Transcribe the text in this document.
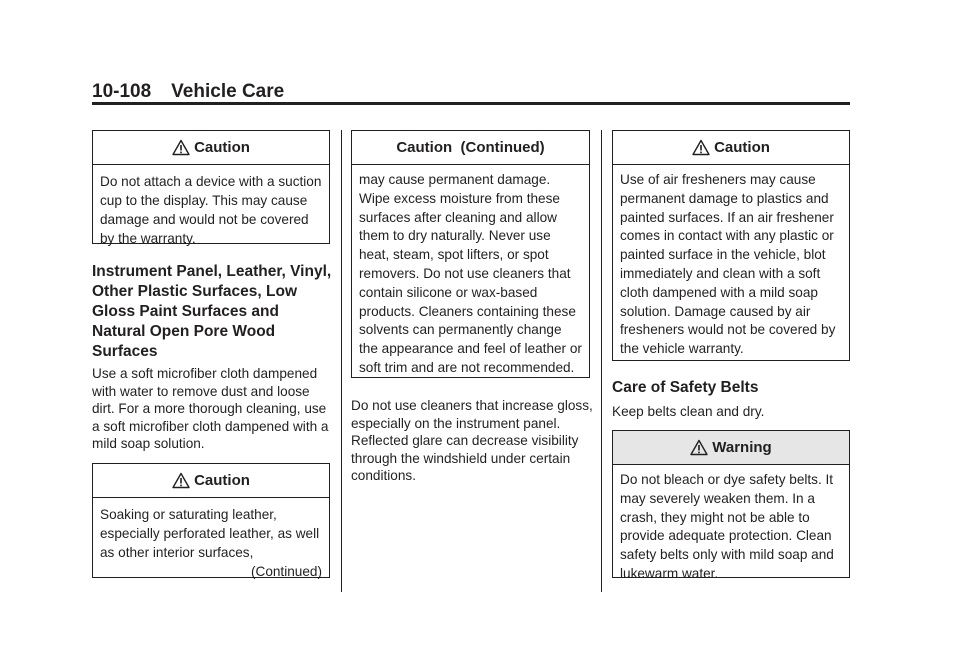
10-108 Vehicle Care
Caution
Do not attach a device with a suction cup to the display. This may cause damage and would not be covered by the warranty.
Instrument Panel, Leather, Vinyl, Other Plastic Surfaces, Low Gloss Paint Surfaces and Natural Open Pore Wood Surfaces
Use a soft microfiber cloth dampened with water to remove dust and loose dirt. For a more thorough cleaning, use a soft microfiber cloth dampened with a mild soap solution.
Caution
Soaking or saturating leather, especially perforated leather, as well as other interior surfaces,
(Continued)
Caution  (Continued)
may cause permanent damage. Wipe excess moisture from these surfaces after cleaning and allow them to dry naturally. Never use heat, steam, spot lifters, or spot removers. Do not use cleaners that contain silicone or wax-based products. Cleaners containing these solvents can permanently change the appearance and feel of leather or soft trim and are not recommended.
Do not use cleaners that increase gloss, especially on the instrument panel. Reflected glare can decrease visibility through the windshield under certain conditions.
Caution
Use of air fresheners may cause permanent damage to plastics and painted surfaces. If an air freshener comes in contact with any plastic or painted surface in the vehicle, blot immediately and clean with a soft cloth dampened with a mild soap solution. Damage caused by air fresheners would not be covered by the vehicle warranty.
Care of Safety Belts
Keep belts clean and dry.
Warning
Do not bleach or dye safety belts. It may severely weaken them. In a crash, they might not be able to provide adequate protection. Clean safety belts only with mild soap and lukewarm water.
